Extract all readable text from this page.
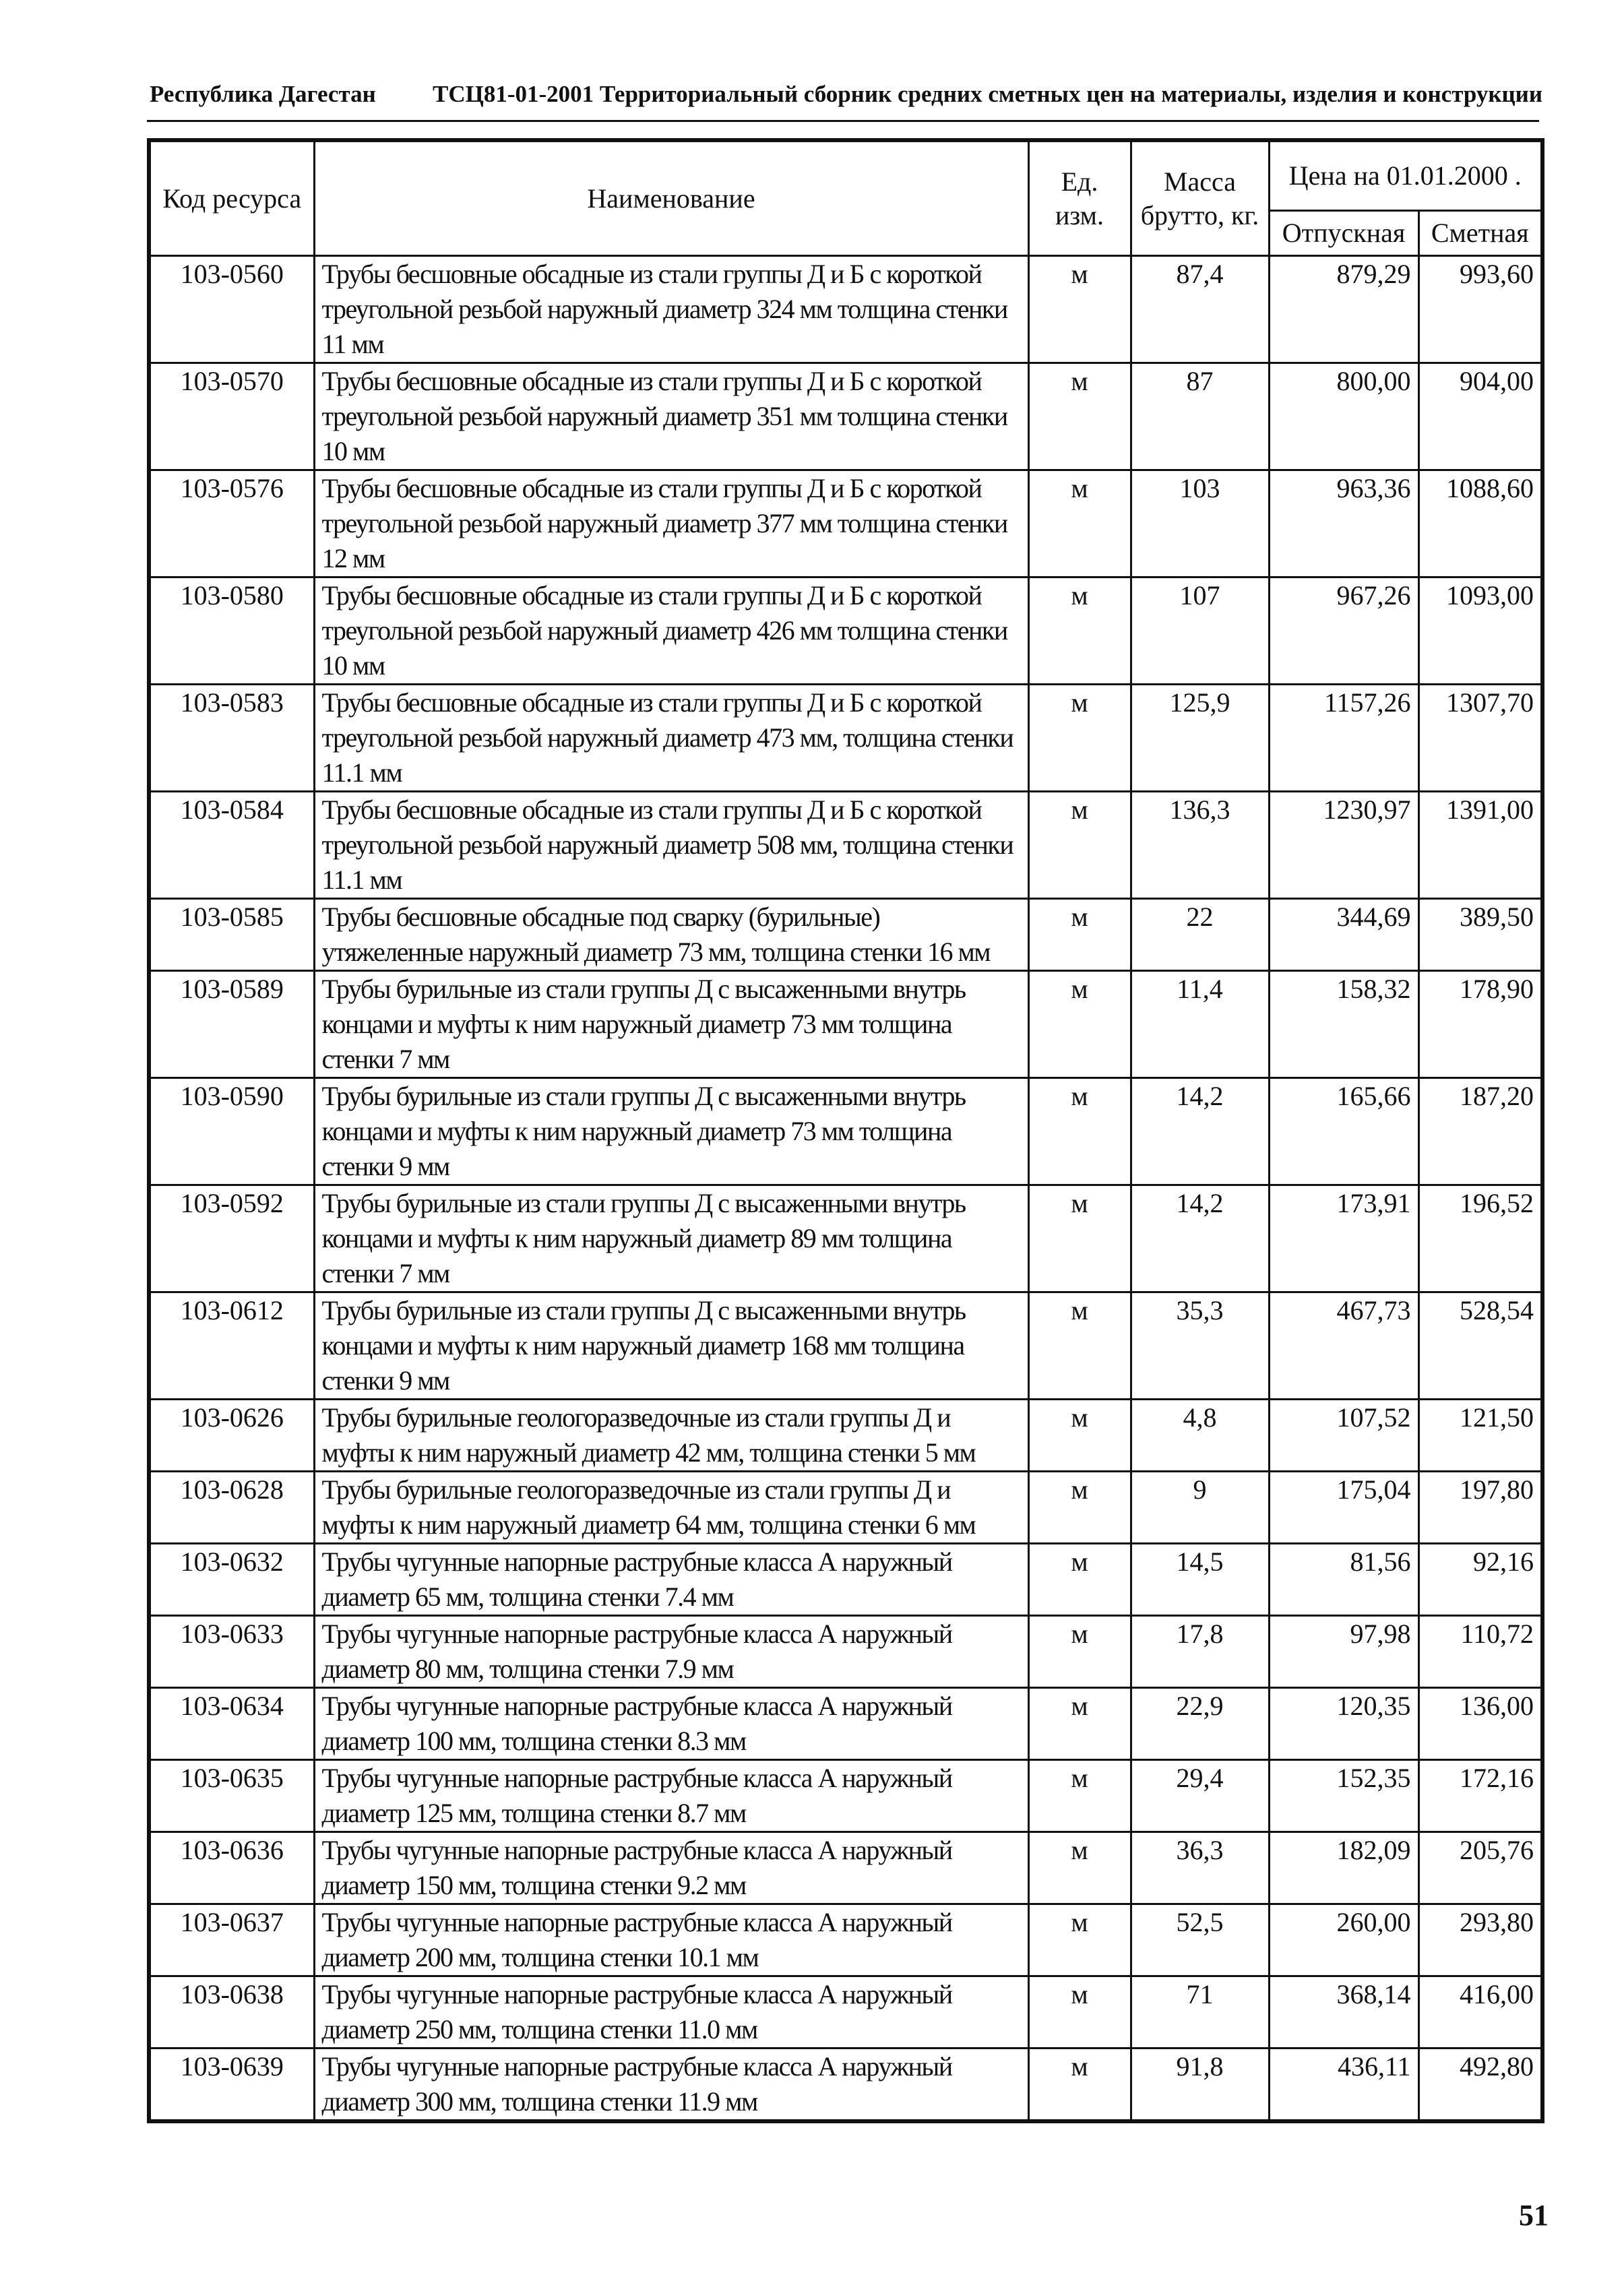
Республика Дагестан ТСЦ81-01-2001 Территориальный сборник средних сметных цен на материалы, изделия и конструкции
Код ресурса	Наименование	Ед. изм.	Масса брутто, кг.	Цена на 01.01.2000 .	
				Отпускная	Сметная
103-0560	Трубы бесшовные обсадные из стали группы Д и Б с короткой треугольной резьбой наружный диаметр 324 мм толщина стенки 11 мм	м	87,4	879,29	993,60
103-0570	Трубы бесшовные обсадные из стали группы Д и Б с короткой треугольной резьбой наружный диаметр 351 мм толщина стенки 10 мм	м	87	800,00	904,00
103-0576	Трубы бесшовные обсадные из стали группы Д и Б с короткой треугольной резьбой наружный диаметр 377 мм толщина стенки 12 мм	м	103	963,36	1088,60
103-0580	Трубы бесшовные обсадные из стали группы Д и Б с короткой треугольной резьбой наружный диаметр 426 мм толщина стенки 10 мм	м	107	967,26	1093,00
103-0583	Трубы бесшовные обсадные из стали группы Д и Б с короткой треугольной резьбой наружный диаметр 473 мм, толщина стенки 11.1 мм	м	125,9	1157,26	1307,70
103-0584	Трубы бесшовные обсадные из стали группы Д и Б с короткой треугольной резьбой наружный диаметр 508 мм, толщина стенки 11.1 мм	м	136,3	1230,97	1391,00
103-0585	Трубы бесшовные обсадные под сварку (бурильные) утяжеленные наружный диаметр 73 мм, толщина стенки 16 мм	м	22	344,69	389,50
103-0589	Трубы бурильные из стали группы Д с высаженными внутрь концами и муфты к ним наружный диаметр 73 мм толщина стенки 7 мм	м	11,4	158,32	178,90
103-0590	Трубы бурильные из стали группы Д с высаженными внутрь концами и муфты к ним наружный диаметр 73 мм толщина стенки 9 мм	м	14,2	165,66	187,20
103-0592	Трубы бурильные из стали группы Д с высаженными внутрь концами и муфты к ним наружный диаметр 89 мм толщина стенки 7 мм	м	14,2	173,91	196,52
103-0612	Трубы бурильные из стали группы Д с высаженными внутрь концами и муфты к ним наружный диаметр 168 мм толщина стенки 9 мм	м	35,3	467,73	528,54
103-0626	Трубы бурильные геологоразведочные из стали группы Д и муфты к ним наружный диаметр 42 мм, толщина стенки 5 мм	м	4,8	107,52	121,50
103-0628	Трубы бурильные геологоразведочные из стали группы Д и муфты к ним наружный диаметр 64 мм, толщина стенки 6 мм	м	9	175,04	197,80
103-0632	Трубы чугунные напорные раструбные класса А наружный диаметр 65 мм, толщина стенки 7.4 мм	м	14,5	81,56	92,16
103-0633	Трубы чугунные напорные раструбные класса А наружный диаметр 80 мм, толщина стенки 7.9 мм	м	17,8	97,98	110,72
103-0634	Трубы чугунные напорные раструбные класса А наружный диаметр 100 мм, толщина стенки 8.3 мм	м	22,9	120,35	136,00
103-0635	Трубы чугунные напорные раструбные класса А наружный диаметр 125 мм, толщина стенки 8.7 мм	м	29,4	152,35	172,16
103-0636	Трубы чугунные напорные раструбные класса А наружный диаметр 150 мм, толщина стенки 9.2 мм	м	36,3	182,09	205,76
103-0637	Трубы чугунные напорные раструбные класса А наружный диаметр 200 мм, толщина стенки 10.1 мм	м	52,5	260,00	293,80
103-0638	Трубы чугунные напорные раструбные класса А наружный диаметр 250 мм, толщина стенки 11.0 мм	м	71	368,14	416,00
103-0639	Трубы чугунные напорные раструбные класса А наружный диаметр 300 мм, толщина стенки 11.9 мм	м	91,8	436,11	492,80
51
